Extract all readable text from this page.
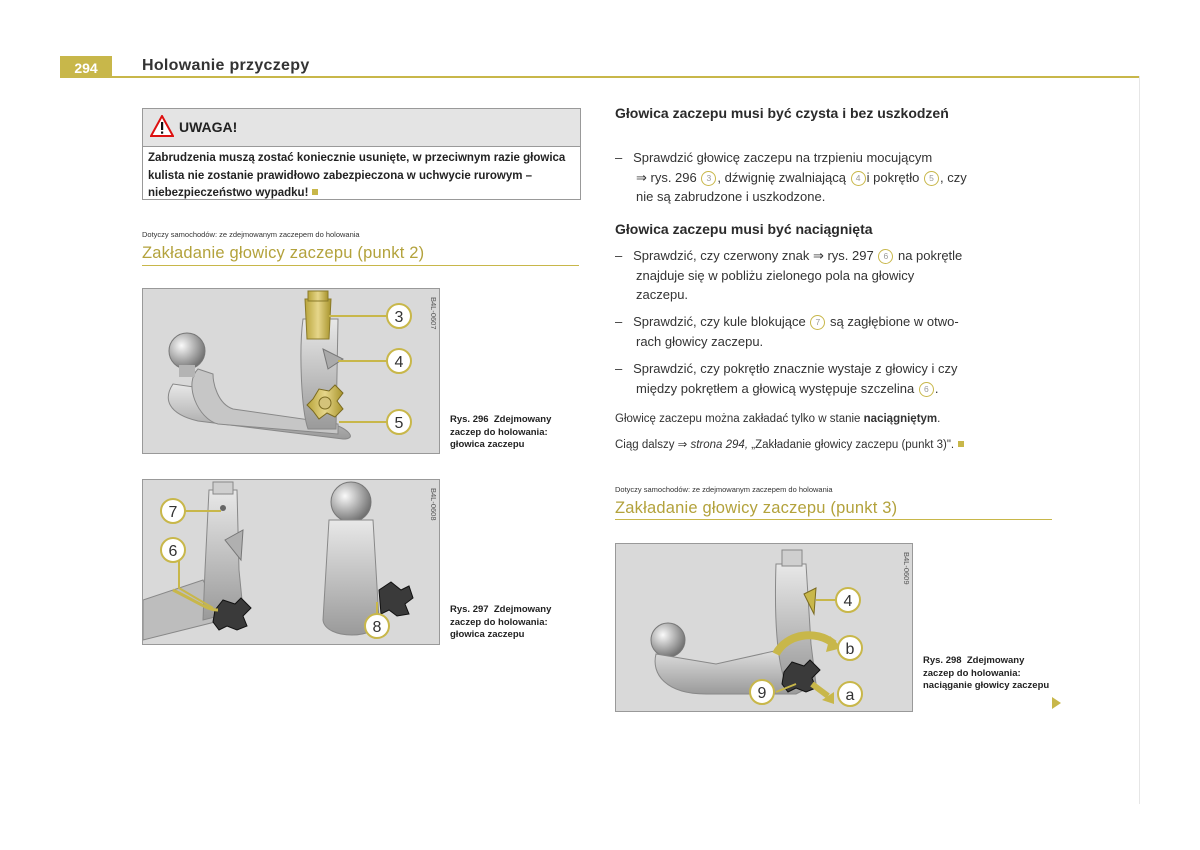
294	Holowanie przyczepy
UWAGA!
Zabrudzenia muszą zostać koniecznie usunięte, w przeciwnym razie głowica kulista nie zostanie prawidłowo zabezpieczona w uchwycie rurowym – niebezpieczeństwo wypadku!
Dotyczy samochodów: ze zdejmowanym zaczepem do holowania
Zakładanie głowicy zaczepu (punkt 2)
3
4
5
B4L-0607
Rys. 296 Zdejmowany zaczep do holowania: głowica zaczepu
7
6
8
B4L-0608
Rys. 297 Zdejmowany zaczep do holowania: głowica zaczepu
Głowica zaczepu musi być czysta i bez uszkodzeń
–   Sprawdzić głowicę zaczepu na trzpieniu mocującym
⇒ rys. 296 3 , dźwignię zwalniającą 4 i pokrętło 5 , czy
nie są zabrudzone i uszkodzone.
Głowica zaczepu musi być naciągnięta
–   Sprawdzić, czy czerwony znak ⇒ rys. 297 6 na pokrętle
znajduje się w pobliżu zielonego pola na głowicy
zaczepu.
–   Sprawdzić, czy kule blokujące 7 są zagłębione w otwo-
rach głowicy zaczepu.
–   Sprawdzić, czy pokrętło znacznie wystaje z głowicy i czy
między pokrętłem a głowicą występuje szczelina 6 .
Głowicę zaczepu można zakładać tylko w stanie naciągniętym.
Ciąg dalszy ⇒ strona 294, „Zakładanie głowicy zaczepu (punkt 3)".
Dotyczy samochodów: ze zdejmowanym zaczepem do holowania
Zakładanie głowicy zaczepu (punkt 3)
4
b
9	a
B4L-0609
Rys. 298 Zdejmowany zaczep do holowania: naciąganie głowicy zaczepu
